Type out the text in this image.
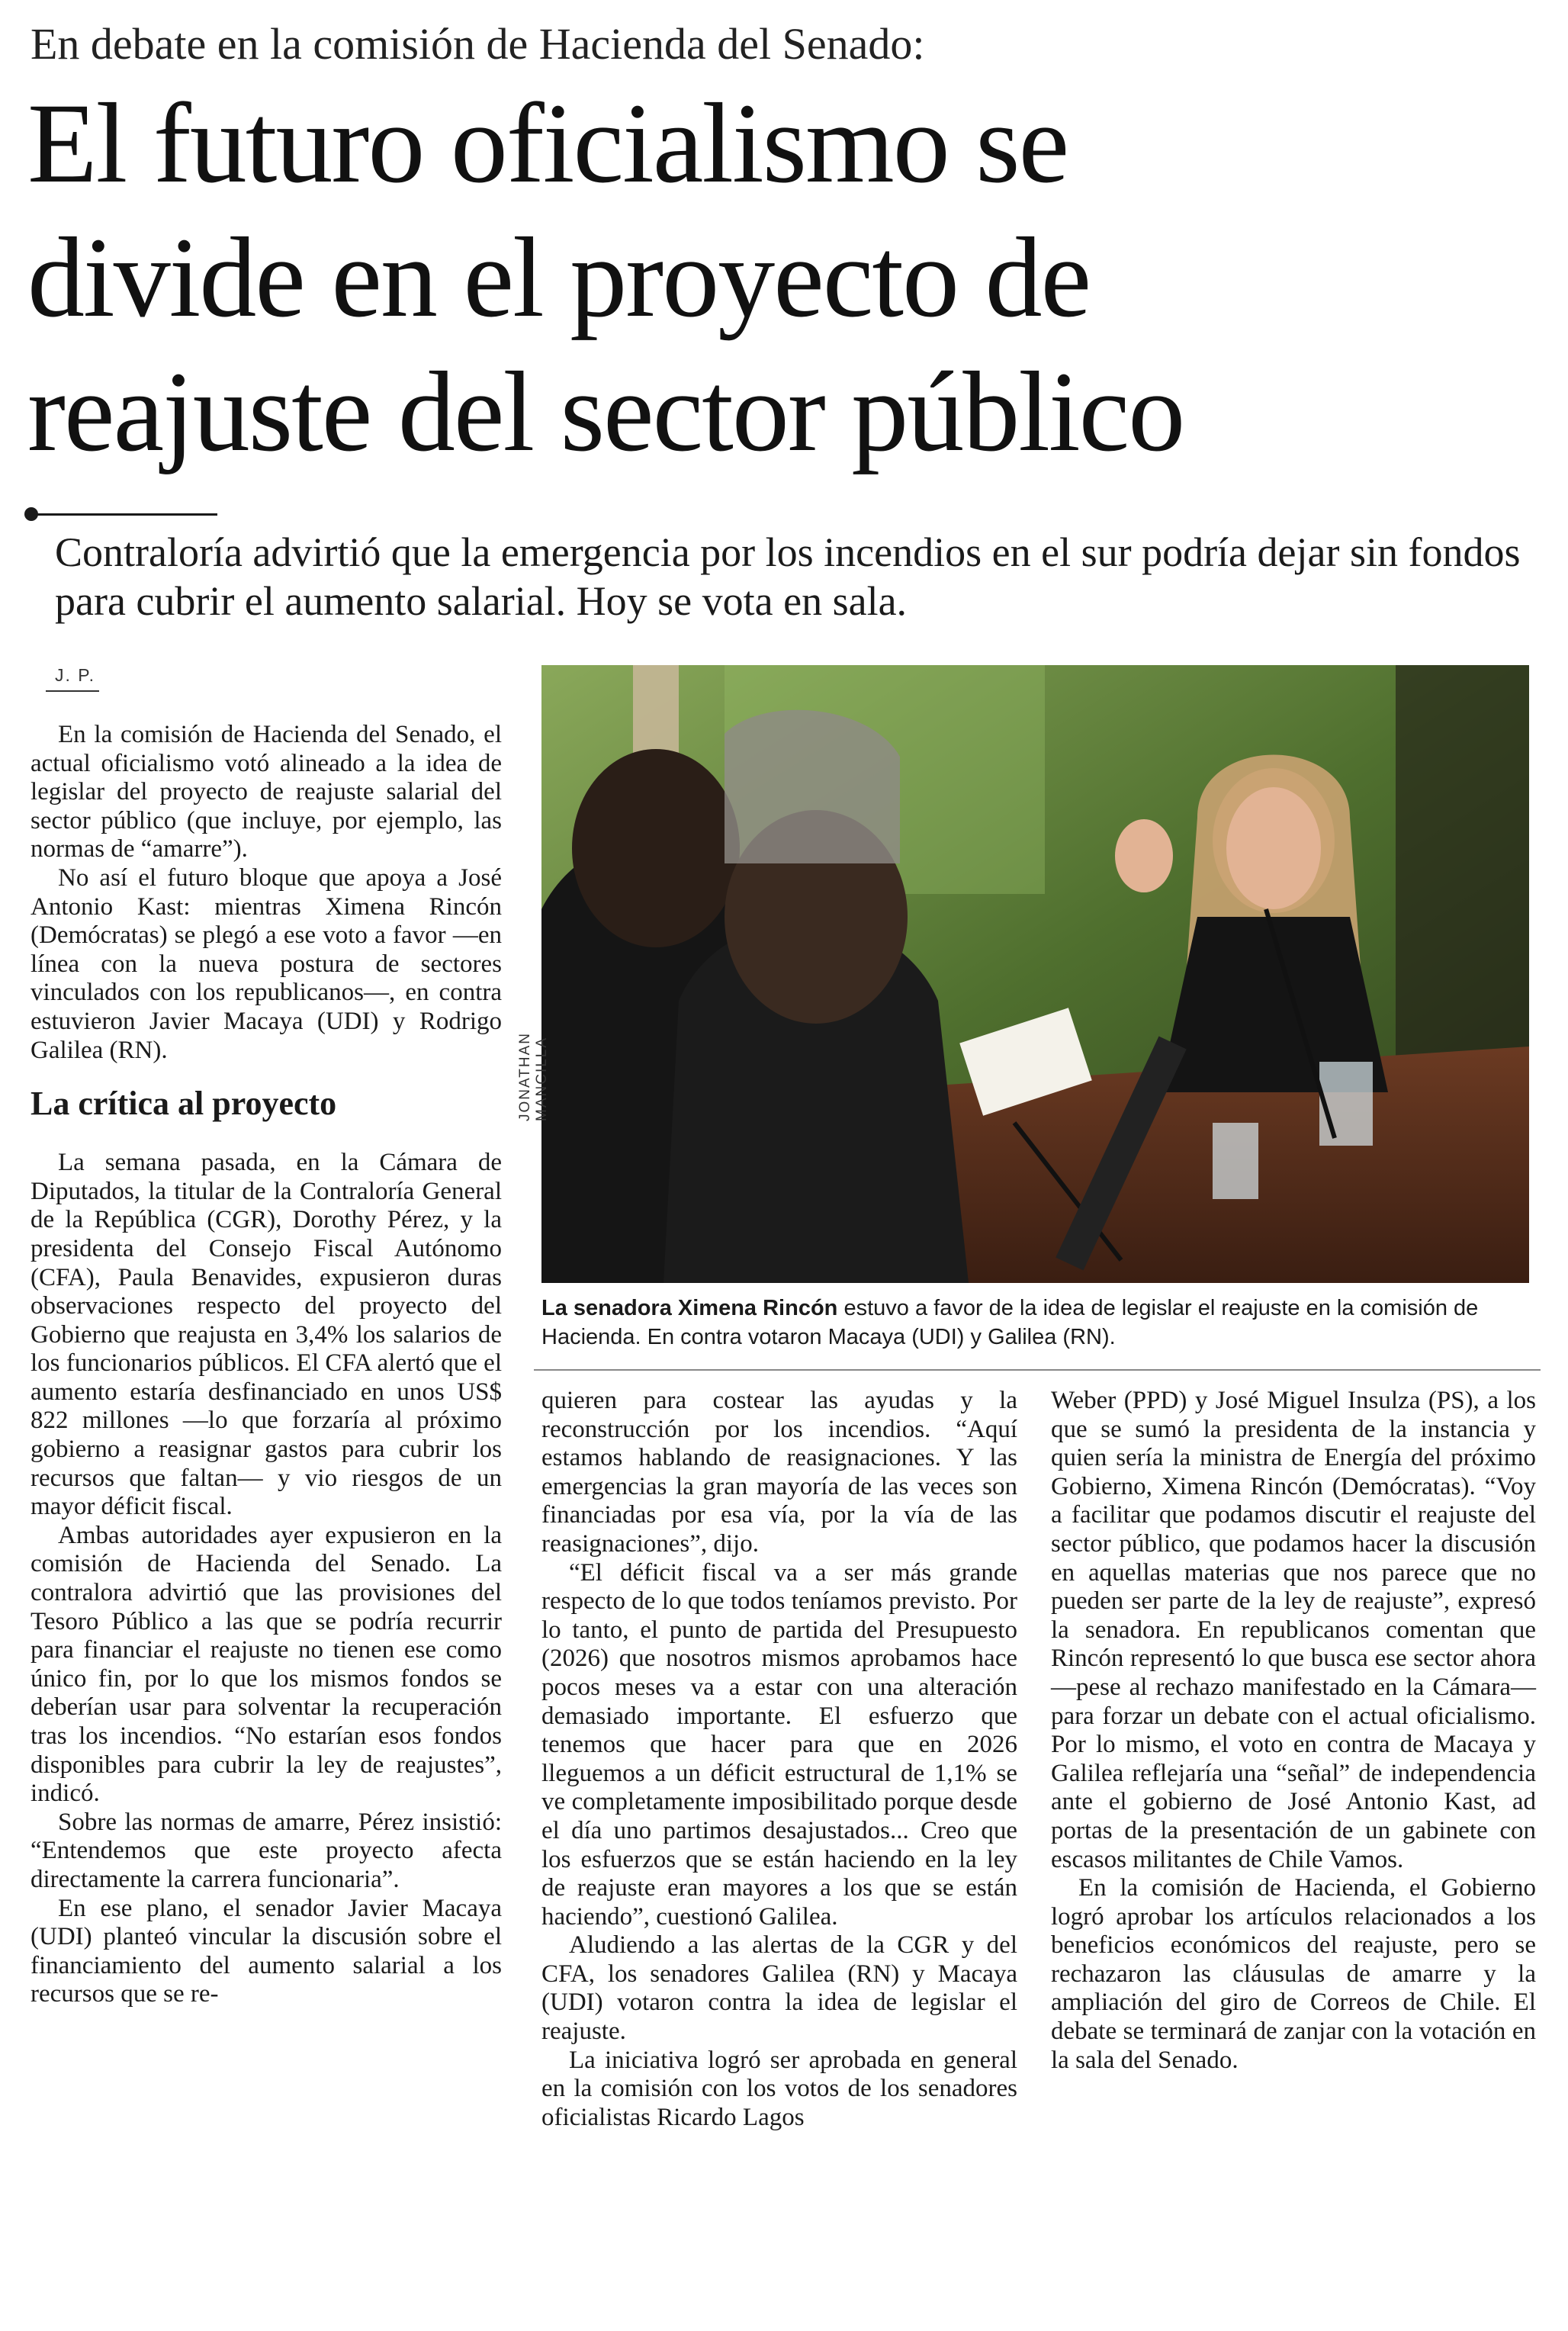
En debate en la comisión de Hacienda del Senado:
El futuro oficialismo se
divide en el proyecto de
reajuste del sector público
Contraloría advirtió que la emergencia por los incendios en el sur podría dejar sin fondos para cubrir el aumento salarial. Hoy se vota en sala.
J. P.

En la comisión de Hacienda del Senado, el actual oficialismo votó alineado a la idea de legislar del proyecto de reajuste salarial del sector público (que incluye, por ejemplo, las normas de “amarre”).

No así el futuro bloque que apoya a José Antonio Kast: mientras Ximena Rincón (Demócratas) se plegó a ese voto a favor —en línea con la nueva postura de sectores vinculados con los republicanos—, en contra estuvieron Javier Macaya (UDI) y Rodrigo Galilea (RN).

La crítica al proyecto

La semana pasada, en la Cámara de Diputados, la titular de la Contraloría General de la República (CGR), Dorothy Pérez, y la presidenta del Consejo Fiscal Autónomo (CFA), Paula Benavides, expusieron duras observaciones respecto del proyecto del Gobierno que reajusta en 3,4% los salarios de los funcionarios públicos. El CFA alertó que el aumento estaría desfinanciado en unos US$ 822 millones —lo que forzaría al próximo gobierno a reasignar gastos para cubrir los recursos que faltan— y vio riesgos de un mayor déficit fiscal.

Ambas autoridades ayer expusieron en la comisión de Hacienda del Senado. La contralora advirtió que las provisiones del Tesoro Público a las que se podría recurrir para financiar el reajuste no tienen ese como único fin, por lo que los mismos fondos se deberían usar para solventar la recuperación tras los incendios. “No estarían esos fondos disponibles para cubrir la ley de reajustes”, indicó.

Sobre las normas de amarre, Pérez insistió: “Entendemos que este proyecto afecta directamente la carrera funcionaria”.

En ese plano, el senador Javier Macaya (UDI) planteó vincular la discusión sobre el financiamiento del aumento salarial a los recursos que se re-

JONATHAN MANCILLA
La senadora Ximena Rincón estuvo a favor de la idea de legislar el reajuste en la comisión de Hacienda. En contra votaron Macaya (UDI) y Galilea (RN).

quieren para costear las ayudas y la reconstrucción por los incendios. “Aquí estamos hablando de reasignaciones. Y las emergencias la gran mayoría de las veces son financiadas por esa vía, por la vía de las reasignaciones”, dijo.

“El déficit fiscal va a ser más grande respecto de lo que todos teníamos previsto. Por lo tanto, el punto de partida del Presupuesto (2026) que nosotros mismos aprobamos hace pocos meses va a estar con una alteración demasiado importante. El esfuerzo que tenemos que hacer para que en 2026 lleguemos a un déficit estructural de 1,1% se ve completamente imposibilitado porque desde el día uno partimos desajustados... Creo que los esfuerzos que se están haciendo en la ley de reajuste eran mayores a los que se están haciendo”, cuestionó Galilea.

Aludiendo a las alertas de la CGR y del CFA, los senadores Galilea (RN) y Macaya (UDI) votaron contra la idea de legislar el reajuste.

La iniciativa logró ser aprobada en general en la comisión con los votos de los senadores oficialistas Ricardo Lagos

Weber (PPD) y José Miguel Insulza (PS), a los que se sumó la presidenta de la instancia y quien sería la ministra de Energía del próximo Gobierno, Ximena Rincón (Demócratas). “Voy a facilitar que podamos discutir el reajuste del sector público, que podamos hacer la discusión en aquellas materias que nos parece que no pueden ser parte de la ley de reajuste”, expresó la senadora. En republicanos comentan que Rincón representó lo que busca ese sector ahora —pese al rechazo manifestado en la Cámara— para forzar un debate con el actual oficialismo. Por lo mismo, el voto en contra de Macaya y Galilea reflejaría una “señal” de independencia ante el gobierno de José Antonio Kast, ad portas de la presentación de un gabinete con escasos militantes de Chile Vamos.

En la comisión de Hacienda, el Gobierno logró aprobar los artículos relacionados a los beneficios económicos del reajuste, pero se rechazaron las cláusulas de amarre y la ampliación del giro de Correos de Chile. El debate se terminará de zanjar con la votación en la sala del Senado.
